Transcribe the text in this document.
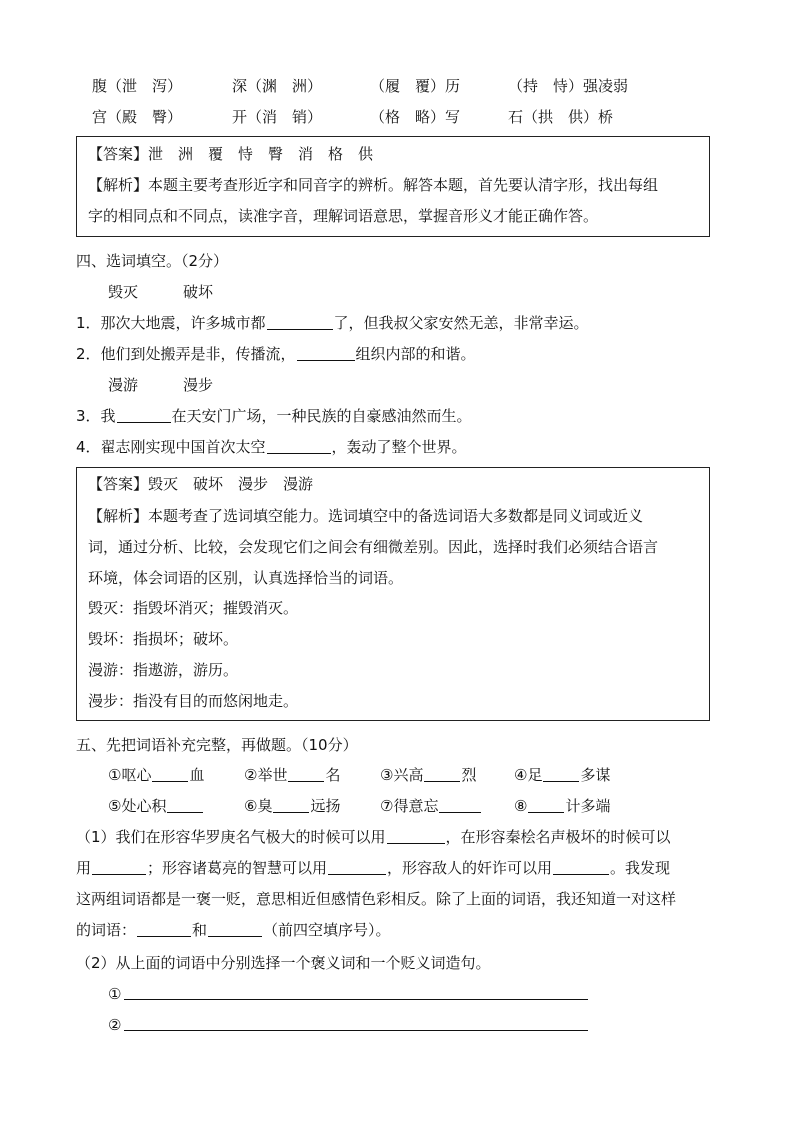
腹（泄　泻）	深（渊　洲）	（履　覆）历	（持　恃）强凌弱
宫（殿　臀）	开（消　销）	（格　略）写	石（拱　供）桥
【答案】泄　洲　覆　恃　臀　消　格　供
【解析】本题主要考查形近字和同音字的辨析。解答本题，首先要认清字形，找出每组
字的相同点和不同点，读准字音，理解词语意思，掌握音形义才能正确作答。
四、选词填空。（2分）
毁灭　　　破坏
1．那次大地震，许多城市都	了，但我叔父家安然无恙，非常幸运。
2．他们到处搬弄是非，传播流，	组织内部的和谐。
漫游　　　漫步
3．我	在天安门广场，一种民族的自豪感油然而生。
4．翟志刚实现中国首次太空	，轰动了整个世界。
【答案】毁灭　破坏　漫步　漫游
【解析】本题考查了选词填空能力。选词填空中的备选词语大多数都是同义词或近义
词，通过分析、比较，会发现它们之间会有细微差别。因此，选择时我们必须结合语言
环境，体会词语的区别，认真选择恰当的词语。
毁灭：指毁坏消灭；摧毁消灭。
毁坏：指损坏；破坏。
漫游：指遨游，游历。
漫步：指没有目的而悠闲地走。
五、先把词语补充完整，再做题。（10分）
①呕心	血	②举世	名	③兴高	烈	④足	多谋
⑤处心积	⑥臭	远扬	⑦得意忘	⑧	计多端
（1）我们在形容华罗庚名气极大的时候可以用	，在形容秦桧名声极坏的时候可以
用	；形容诸葛亮的智慧可以用	，形容敌人的奸诈可以用	。我发现
这两组词语都是一褒一贬，意思相近但感情色彩相反。除了上面的词语，我还知道一对这样
的词语：	和	（前四空填序号）。
（2）从上面的词语中分别选择一个褒义词和一个贬义词造句。
①
②
